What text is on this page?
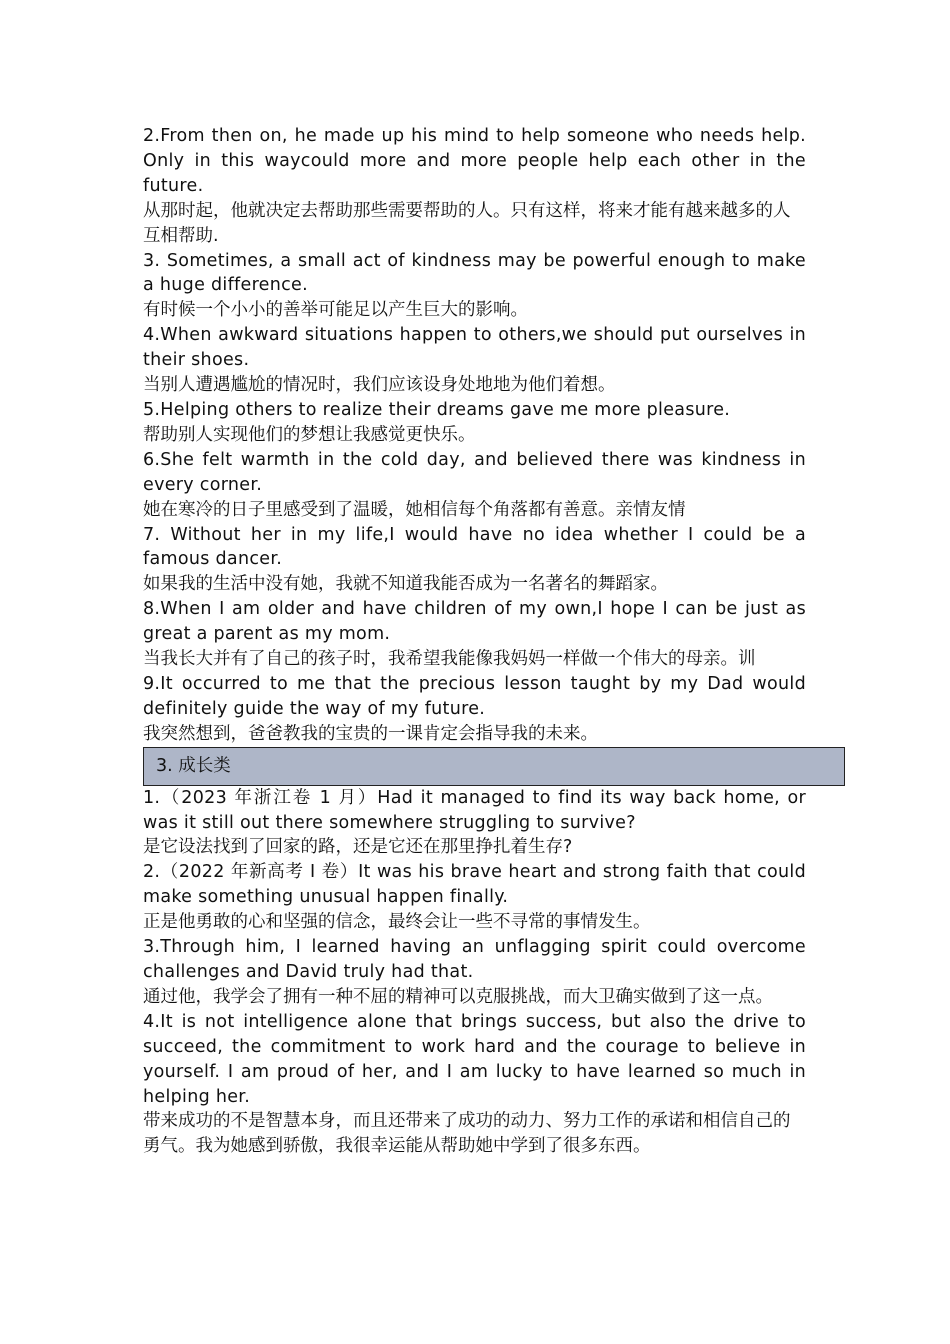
2.From then on, he made up his mind to help someone who needs help. Only in this waycould more and more people help each other in the future.

从那时起，他就决定去帮助那些需要帮助的人。只有这样，将来才能有越来越多的人互相帮助.

3. Sometimes, a small act of kindness may be powerful enough to make a huge difference.

有时候一个小小的善举可能足以产生巨大的影响。

4.When awkward situations happen to others,we should put ourselves in their shoes.

当别人遭遇尴尬的情况时，我们应该设身处地地为他们着想。

5.Helping others to realize their dreams gave me more pleasure.

帮助别人实现他们的梦想让我感觉更快乐。

6.She felt warmth in the cold day, and believed there was kindness in every corner.

她在寒冷的日子里感受到了温暖，她相信每个角落都有善意。亲情友情

7. Without her in my life,I would have no idea whether I could be a famous dancer.

如果我的生活中没有她，我就不知道我能否成为一名著名的舞蹈家。

8.When I am older and have children of my own,I hope I can be just as great a parent as my mom.

当我长大并有了自己的孩子时，我希望我能像我妈妈一样做一个伟大的母亲。训

9.It occurred to me that the precious lesson taught by my Dad would definitely guide the way of my future.

我突然想到，爸爸教我的宝贵的一课肯定会指导我的未来。

3. 成长类

1.（2023 年浙江卷 1 月）Had it managed to find its way back home, or was it still out there somewhere struggling to survive?

是它设法找到了回家的路，还是它还在那里挣扎着生存?

2.（2022 年新高考 I 卷）It was his brave heart and strong faith that could make something unusual happen finally.

正是他勇敢的心和坚强的信念，最终会让一些不寻常的事情发生。

3.Through him, I learned having an unflagging spirit could overcome challenges and David truly had that.

通过他，我学会了拥有一种不屈的精神可以克服挑战，而大卫确实做到了这一点。

4.It is not intelligence alone that brings success, but also the drive to succeed, the commitment to work hard and the courage to believe in yourself. I am proud of her, and I am lucky to have learned so much in helping her.

带来成功的不是智慧本身，而且还带来了成功的动力、努力工作的承诺和相信自己的勇气。我为她感到骄傲，我很幸运能从帮助她中学到了很多东西。
